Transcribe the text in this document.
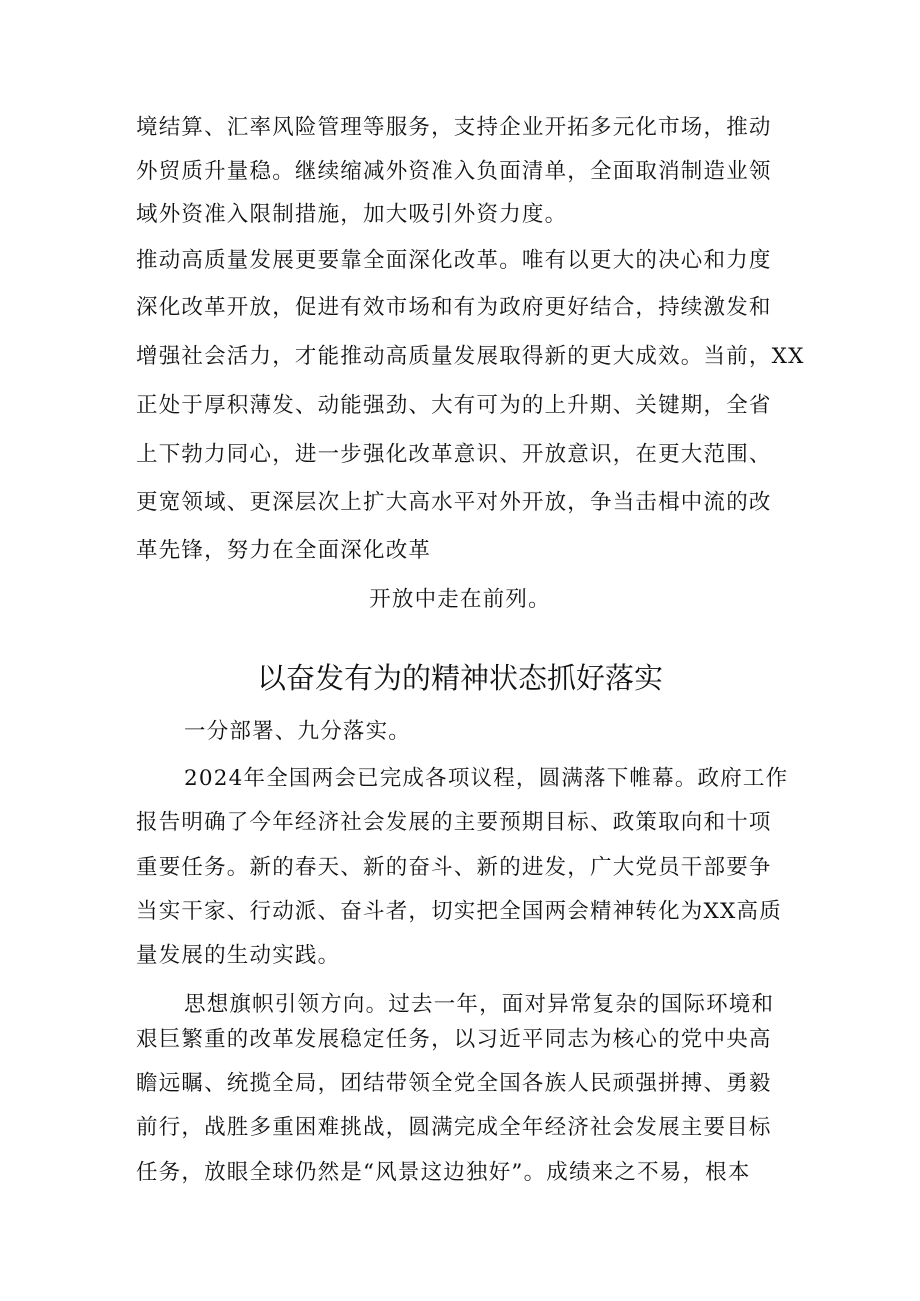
境结算、汇率风险管理等服务，支持企业开拓多元化市场，推动
外贸质升量稳。继续缩减外资准入负面清单，全面取消制造业领
域外资准入限制措施，加大吸引外资力度。
推动高质量发展更要靠全面深化改革。唯有以更大的决心和力度
深化改革开放，促进有效市场和有为政府更好结合，持续激发和
增强社会活力，才能推动高质量发展取得新的更大成效。当前，XX
正处于厚积薄发、动能强劲、大有可为的上升期、关键期，全省
上下勃力同心，进一步强化改革意识、开放意识，在更大范围、
更宽领域、更深层次上扩大高水平对外开放，争当击楫中流的改
革先锋，努力在全面深化改革
开放中走在前列。
以奋发有为的精神状态抓好落实
一分部署、九分落实。
2024年全国两会已完成各项议程，圆满落下帷幕。政府工作
报告明确了今年经济社会发展的主要预期目标、政策取向和十项
重要任务。新的春天、新的奋斗、新的进发，广大党员干部要争
当实干家、行动派、奋斗者，切实把全国两会精神转化为XX高质
量发展的生动实践。
思想旗帜引领方向。过去一年，面对异常复杂的国际环境和
艰巨繁重的改革发展稳定任务，以习近平同志为核心的党中央高
瞻远瞩、统揽全局，团结带领全党全国各族人民顽强拼搏、勇毅
前行，战胜多重困难挑战，圆满完成全年经济社会发展主要目标
任务，放眼全球仍然是“风景这边独好”。成绩来之不易，根本
